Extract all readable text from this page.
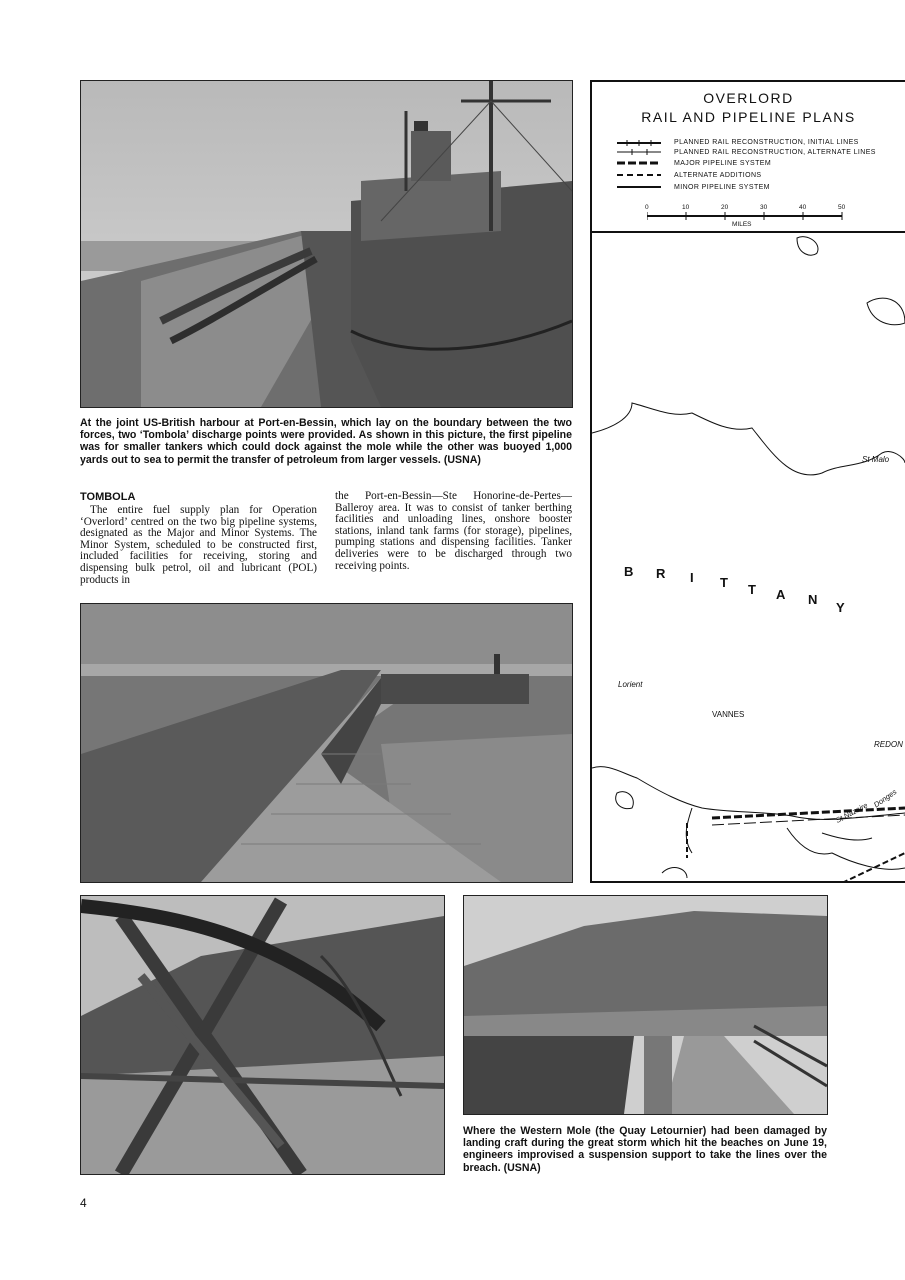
At the joint US-British harbour at Port-en-Bessin, which lay on the boundary between the two forces, two ‘Tombola’ discharge points were provided. As shown in this picture, the first pipeline was for smaller tankers which could dock against the mole while the other was buoyed 1,000 yards out to sea to permit the transfer of petroleum from larger vessels. (USNA)
TOMBOLA

The entire fuel supply plan for Operation ‘Overlord’ centred on the two big pipeline systems, designated as the Major and Minor Systems. The Minor System, scheduled to be constructed first, included facilities for receiving, storing and dispensing bulk petrol, oil and lubricant (POL) products in

the Port-en-Bessin—Ste Honorine-de-Pertes—Balleroy area. It was to consist of tanker berthing facilities and unloading lines, onshore booster stations, inland tank farms (for storage), pipelines, pumping stations and dispensing facilities. Tanker deliveries were to be discharged through two receiving points.

Where the Western Mole (the Quay Letournier) had been damaged by landing craft during the great storm which hit the beaches on June 19, engineers improvised a suspension support to take the lines over the breach. (USNA)
4
OVERLORD
RAIL AND PIPELINE PLANS
PLANNED RAIL RECONSTRUCTION, INITIAL LINES
PLANNED RAIL RECONSTRUCTION, ALTERNATE LINES
MAJOR PIPELINE SYSTEM
ALTERNATE ADDITIONS
MINOR PIPELINE SYSTEM
0	10	20	30	40	50
MILES
St Malo
B R I T T A N
Y
Lorient
VANNES
REDON
St Nazaire
Donges
